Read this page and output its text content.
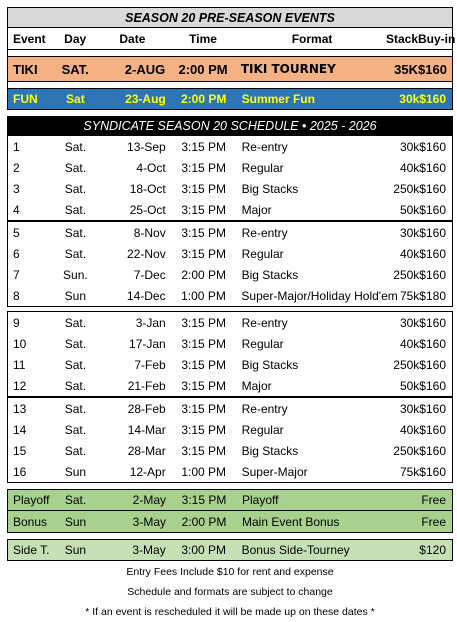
SEASON 20 PRE-SEASON EVENTS
Event	Day	Date	Time	Format	Stack Buy-in
TIKI	SAT.	2-AUG	2:00 PM	TIKI TOURNEY	35K $160
FUN	Sat	23-Aug	2:00 PM	Summer Fun	30k $160
SYNDICATE SEASON 20 SCHEDULE • 2025 - 2026
1	Sat.	13-Sep	3:15 PM	Re-entry	30k $160
2	Sat.	4-Oct	3:15 PM	Regular	40k $160
3	Sat.	18-Oct	3:15 PM	Big Stacks	250k $160
4	Sat.	25-Oct	3:15 PM	Major	50k $160
5	Sat.	8-Nov	3:15 PM	Re-entry	30k $160
6	Sat.	22-Nov	3:15 PM	Regular	40k $160
7	Sun.	7-Dec	2:00 PM	Big Stacks	250k $160
8	Sun	14-Dec	1:00 PM	Super-Major/Holiday Hold'em 75k $180
9	Sat.	3-Jan	3:15 PM	Re-entry	30k $160
10	Sat.	17-Jan	3:15 PM	Regular	40k $160
11	Sat.	7-Feb	3:15 PM	Big Stacks	250k $160
12	Sat.	21-Feb	3:15 PM	Major	50k $160
13	Sat.	28-Feb	3:15 PM	Re-entry	30k $160
14	Sat.	14-Mar	3:15 PM	Regular	40k $160
15	Sat.	28-Mar	3:15 PM	Big Stacks	250k $160
16	Sun	12-Apr	1:00 PM	Super-Major	75k $160
Playoff	Sat.	2-May	3:15 PM	Playoff	Free
Bonus	Sun	3-May	2:00 PM	Main Event Bonus	Free
Side T.	Sun	3-May	3:00 PM	Bonus Side-Tourney	$120
Entry Fees Include $10 for rent and expense
Schedule and formats are subject to change
* If an event is rescheduled it will be made up on these dates *
